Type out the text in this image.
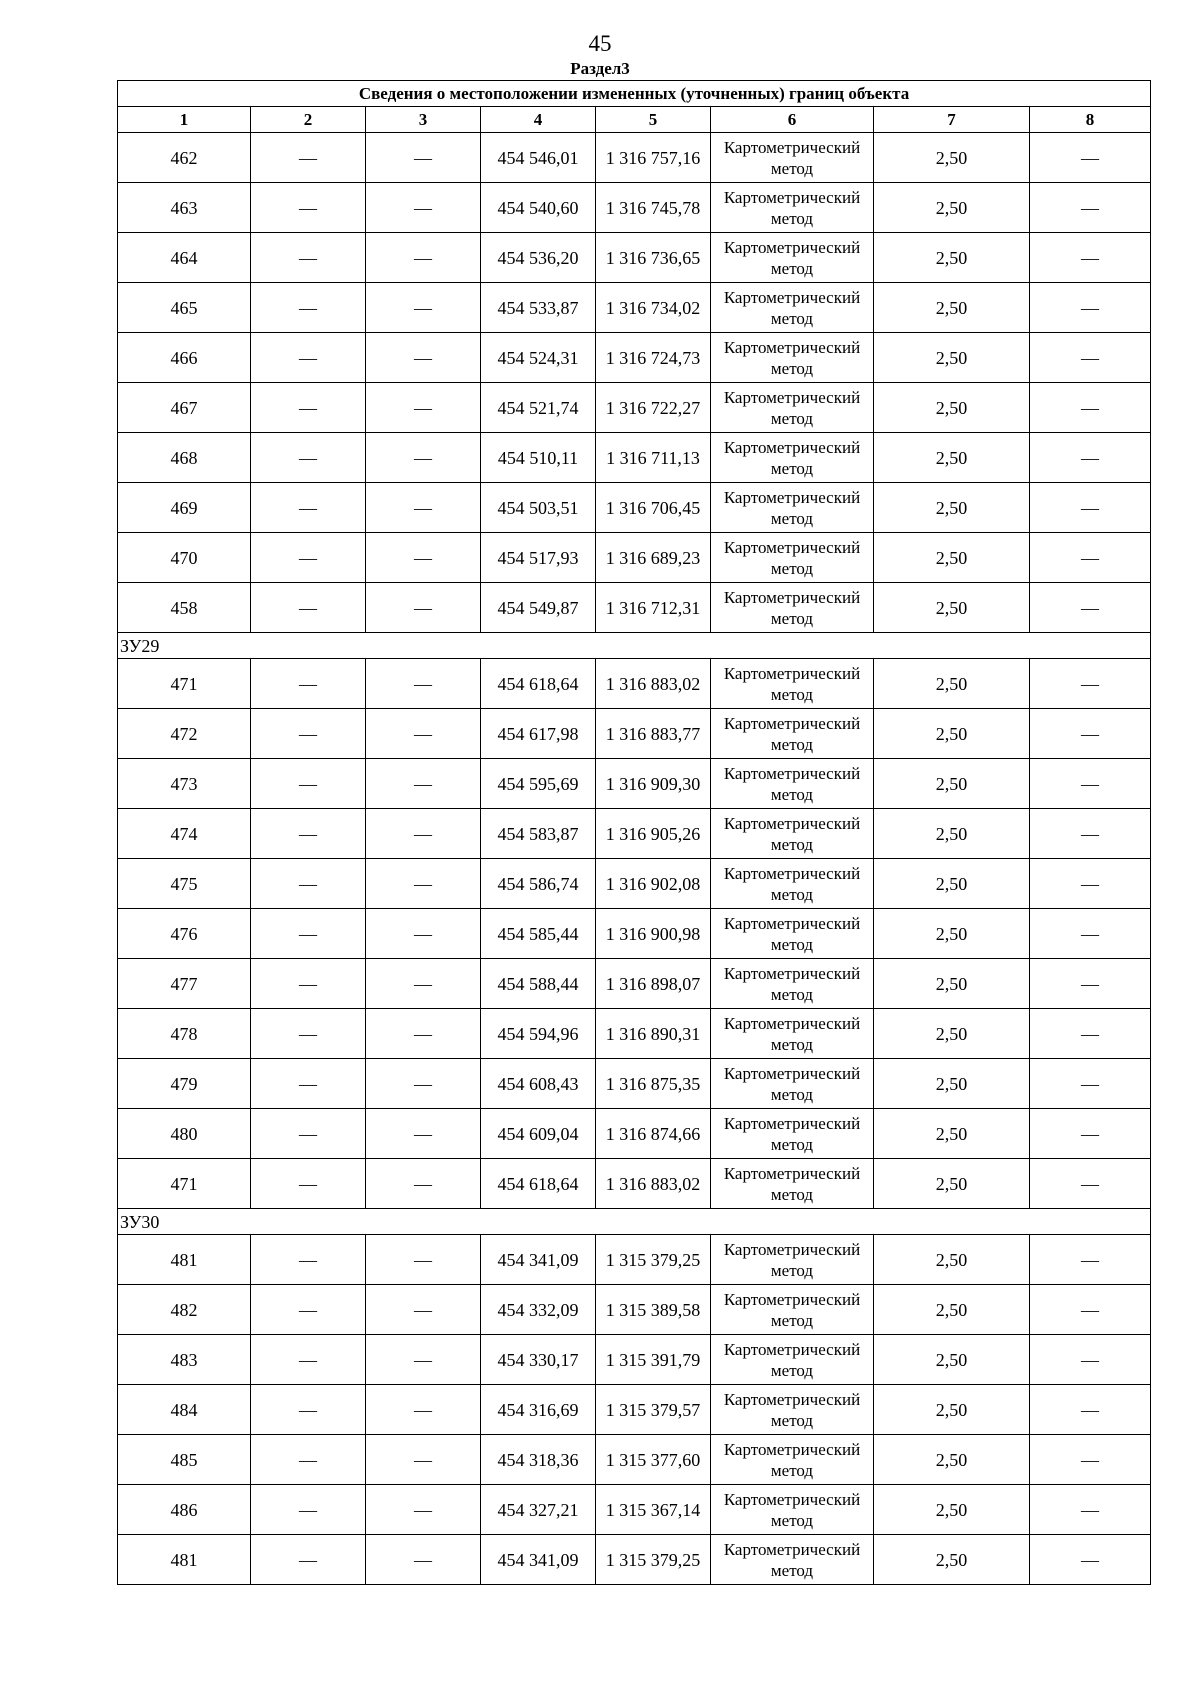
45
Раздел3
Сведения о местоположении измененных (уточненных) границ объекта							
1	2	3	4	5	6	7	8
462	—	—	454 546,01	1 316 757,16	Картометрический метод	2,50	—
463	—	—	454 540,60	1 316 745,78	Картометрический метод	2,50	—
464	—	—	454 536,20	1 316 736,65	Картометрический метод	2,50	—
465	—	—	454 533,87	1 316 734,02	Картометрический метод	2,50	—
466	—	—	454 524,31	1 316 724,73	Картометрический метод	2,50	—
467	—	—	454 521,74	1 316 722,27	Картометрический метод	2,50	—
468	—	—	454 510,11	1 316 711,13	Картометрический метод	2,50	—
469	—	—	454 503,51	1 316 706,45	Картометрический метод	2,50	—
470	—	—	454 517,93	1 316 689,23	Картометрический метод	2,50	—
458	—	—	454 549,87	1 316 712,31	Картометрический метод	2,50	—
ЗУ29							
471	—	—	454 618,64	1 316 883,02	Картометрический метод	2,50	—
472	—	—	454 617,98	1 316 883,77	Картометрический метод	2,50	—
473	—	—	454 595,69	1 316 909,30	Картометрический метод	2,50	—
474	—	—	454 583,87	1 316 905,26	Картометрический метод	2,50	—
475	—	—	454 586,74	1 316 902,08	Картометрический метод	2,50	—
476	—	—	454 585,44	1 316 900,98	Картометрический метод	2,50	—
477	—	—	454 588,44	1 316 898,07	Картометрический метод	2,50	—
478	—	—	454 594,96	1 316 890,31	Картометрический метод	2,50	—
479	—	—	454 608,43	1 316 875,35	Картометрический метод	2,50	—
480	—	—	454 609,04	1 316 874,66	Картометрический метод	2,50	—
471	—	—	454 618,64	1 316 883,02	Картометрический метод	2,50	—
ЗУ30							
481	—	—	454 341,09	1 315 379,25	Картометрический метод	2,50	—
482	—	—	454 332,09	1 315 389,58	Картометрический метод	2,50	—
483	—	—	454 330,17	1 315 391,79	Картометрический метод	2,50	—
484	—	—	454 316,69	1 315 379,57	Картометрический метод	2,50	—
485	—	—	454 318,36	1 315 377,60	Картометрический метод	2,50	—
486	—	—	454 327,21	1 315 367,14	Картометрический метод	2,50	—
481	—	—	454 341,09	1 315 379,25	Картометрический метод	2,50	—
